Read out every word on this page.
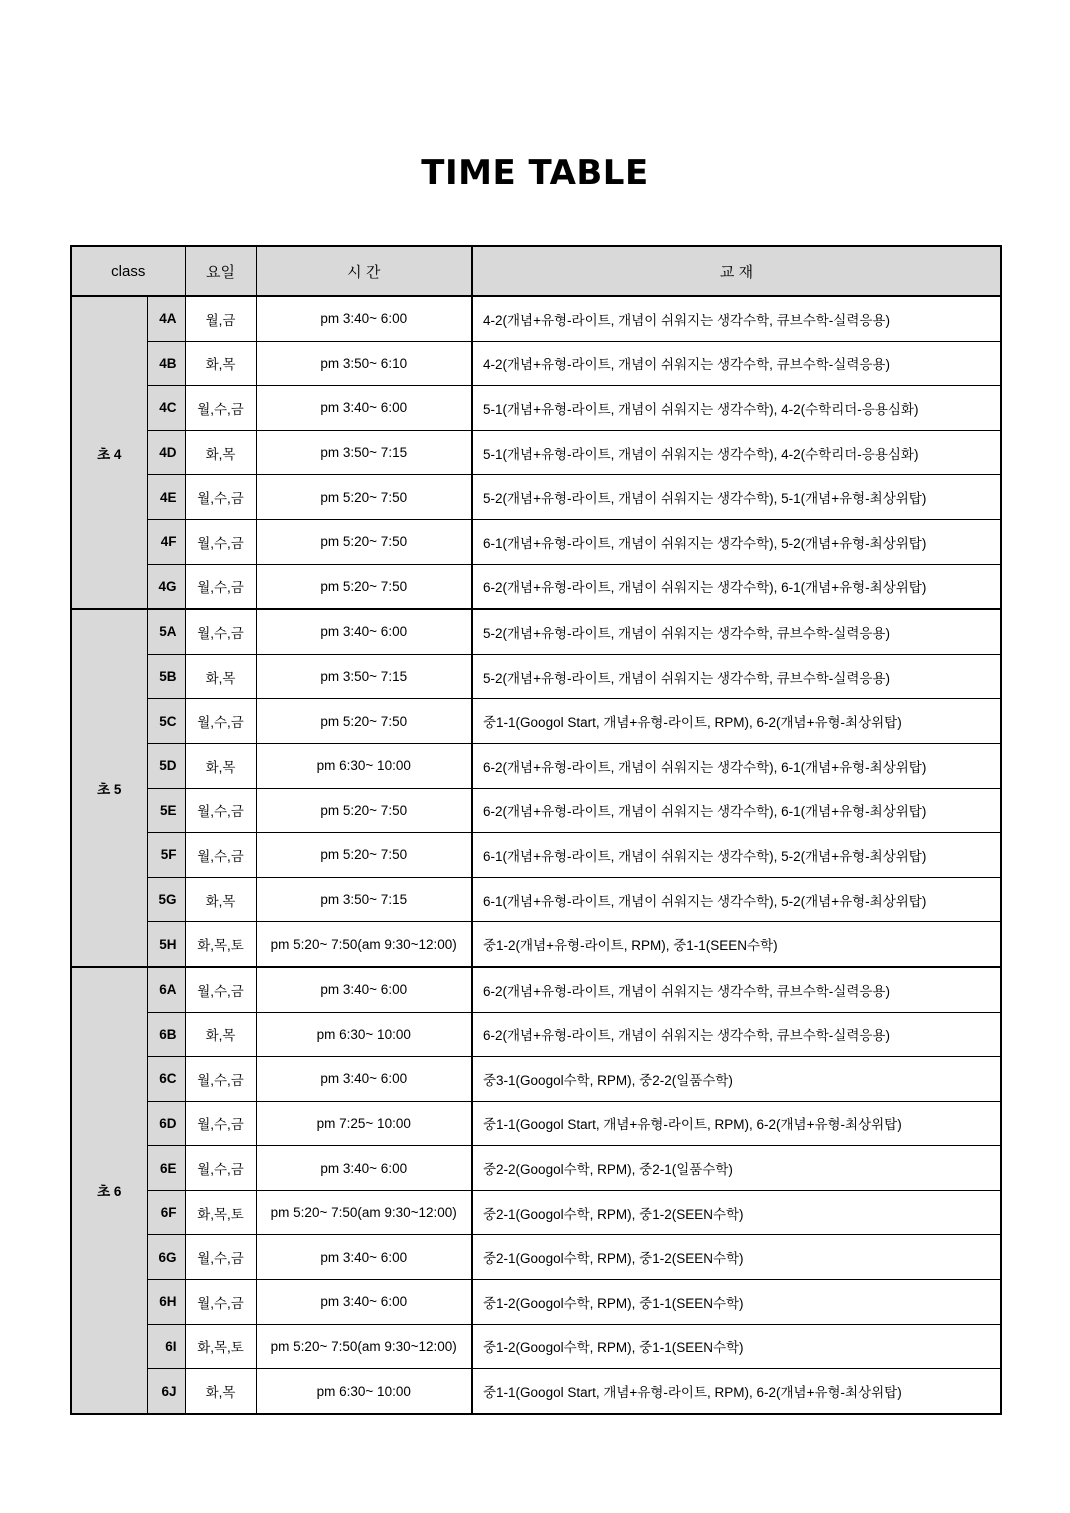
TIME TABLE
class		요일	시 간	교 재
초 4	4A	월,금	pm 3:40~ 6:00	4-2(개념+유형-라이트, 개념이 쉬워지는 생각수학, 큐브수학-실력응용)
	4B	화,목	pm 3:50~ 6:10	4-2(개념+유형-라이트, 개념이 쉬워지는 생각수학, 큐브수학-실력응용)
	4C	월,수,금	pm 3:40~ 6:00	5-1(개념+유형-라이트, 개념이 쉬워지는 생각수학), 4-2(수학리더-응용심화)
	4D	화,목	pm 3:50~ 7:15	5-1(개념+유형-라이트, 개념이 쉬워지는 생각수학), 4-2(수학리더-응용심화)
	4E	월,수,금	pm 5:20~ 7:50	5-2(개념+유형-라이트, 개념이 쉬워지는 생각수학), 5-1(개념+유형-최상위탑)
	4F	월,수,금	pm 5:20~ 7:50	6-1(개념+유형-라이트, 개념이 쉬워지는 생각수학), 5-2(개념+유형-최상위탑)
	4G	월,수,금	pm 5:20~ 7:50	6-2(개념+유형-라이트, 개념이 쉬워지는 생각수학), 6-1(개념+유형-최상위탑)
초 5	5A	월,수,금	pm 3:40~ 6:00	5-2(개념+유형-라이트, 개념이 쉬워지는 생각수학, 큐브수학-실력응용)
	5B	화,목	pm 3:50~ 7:15	5-2(개념+유형-라이트, 개념이 쉬워지는 생각수학, 큐브수학-실력응용)
	5C	월,수,금	pm 5:20~ 7:50	중1-1(Googol Start, 개념+유형-라이트, RPM), 6-2(개념+유형-최상위탑)
	5D	화,목	pm 6:30~ 10:00	6-2(개념+유형-라이트, 개념이 쉬워지는 생각수학), 6-1(개념+유형-최상위탑)
	5E	월,수,금	pm 5:20~ 7:50	6-2(개념+유형-라이트, 개념이 쉬워지는 생각수학), 6-1(개념+유형-최상위탑)
	5F	월,수,금	pm 5:20~ 7:50	6-1(개념+유형-라이트, 개념이 쉬워지는 생각수학), 5-2(개념+유형-최상위탑)
	5G	화,목	pm 3:50~ 7:15	6-1(개념+유형-라이트, 개념이 쉬워지는 생각수학), 5-2(개념+유형-최상위탑)
	5H	화,목,토	pm 5:20~ 7:50(am 9:30~12:00)	중1-2(개념+유형-라이트, RPM), 중1-1(SEEN수학)
초 6	6A	월,수,금	pm 3:40~ 6:00	6-2(개념+유형-라이트, 개념이 쉬워지는 생각수학, 큐브수학-실력응용)
	6B	화,목	pm 6:30~ 10:00	6-2(개념+유형-라이트, 개념이 쉬워지는 생각수학, 큐브수학-실력응용)
	6C	월,수,금	pm 3:40~ 6:00	중3-1(Googol수학, RPM), 중2-2(일품수학)
	6D	월,수,금	pm 7:25~ 10:00	중1-1(Googol Start, 개념+유형-라이트, RPM), 6-2(개념+유형-최상위탑)
	6E	월,수,금	pm 3:40~ 6:00	중2-2(Googol수학, RPM), 중2-1(일품수학)
	6F	화,목,토	pm 5:20~ 7:50(am 9:30~12:00)	중2-1(Googol수학, RPM), 중1-2(SEEN수학)
	6G	월,수,금	pm 3:40~ 6:00	중2-1(Googol수학, RPM), 중1-2(SEEN수학)
	6H	월,수,금	pm 3:40~ 6:00	중1-2(Googol수학, RPM), 중1-1(SEEN수학)
	6I	화,목,토	pm 5:20~ 7:50(am 9:30~12:00)	중1-2(Googol수학, RPM), 중1-1(SEEN수학)
	6J	화,목	pm 6:30~ 10:00	중1-1(Googol Start, 개념+유형-라이트, RPM), 6-2(개념+유형-최상위탑)
